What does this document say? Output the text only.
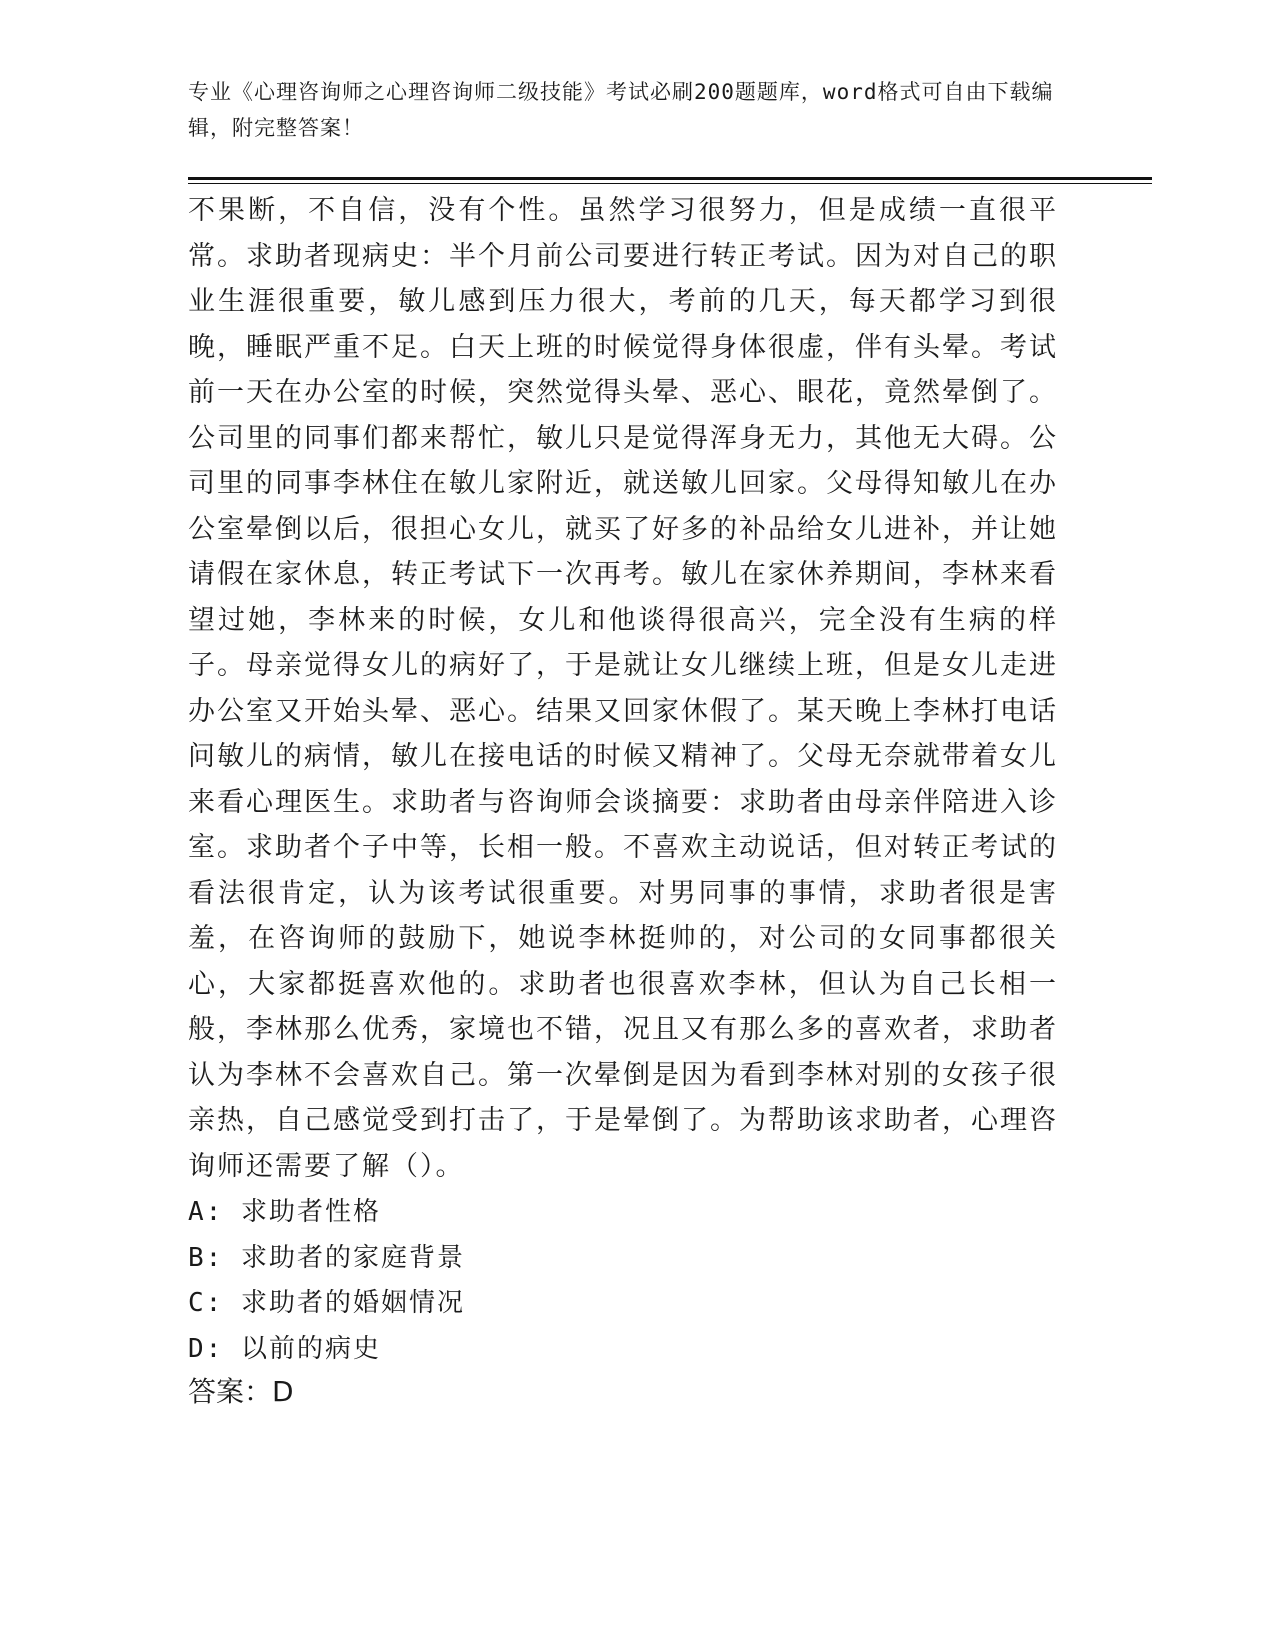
专业《心理咨询师之心理咨询师二级技能》考试必刷200题题库，word格式可自由下载编辑，附完整答案！
不果断，不自信，没有个性。虽然学习很努力，但是成绩一直很平常。求助者现病史：半个月前公司要进行转正考试。因为对自己的职业生涯很重要，敏儿感到压力很大，考前的几天，每天都学习到很晚，睡眠严重不足。白天上班的时候觉得身体很虚，伴有头晕。考试前一天在办公室的时候，突然觉得头晕、恶心、眼花，竟然晕倒了。公司里的同事们都来帮忙，敏儿只是觉得浑身无力，其他无大碍。公司里的同事李林住在敏儿家附近，就送敏儿回家。父母得知敏儿在办公室晕倒以后，很担心女儿，就买了好多的补品给女儿进补，并让她请假在家休息，转正考试下一次再考。敏儿在家休养期间，李林来看望过她，李林来的时候，女儿和他谈得很高兴，完全没有生病的样子。母亲觉得女儿的病好了，于是就让女儿继续上班，但是女儿走进办公室又开始头晕、恶心。结果又回家休假了。某天晚上李林打电话问敏儿的病情，敏儿在接电话的时候又精神了。父母无奈就带着女儿来看心理医生。求助者与咨询师会谈摘要：求助者由母亲伴陪进入诊室。求助者个子中等，长相一般。不喜欢主动说话，但对转正考试的看法很肯定，认为该考试很重要。对男同事的事情，求助者很是害羞，在咨询师的鼓励下，她说李林挺帅的，对公司的女同事都很关心，大家都挺喜欢他的。求助者也很喜欢李林，但认为自己长相一般，李林那么优秀，家境也不错，况且又有那么多的喜欢者，求助者认为李林不会喜欢自己。第一次晕倒是因为看到李林对别的女孩子很亲热，自己感觉受到打击了，于是晕倒了。为帮助该求助者，心理咨询师还需要了解（）。
A: 求助者性格
B: 求助者的家庭背景
C: 求助者的婚姻情况
D: 以前的病史
答案：D
